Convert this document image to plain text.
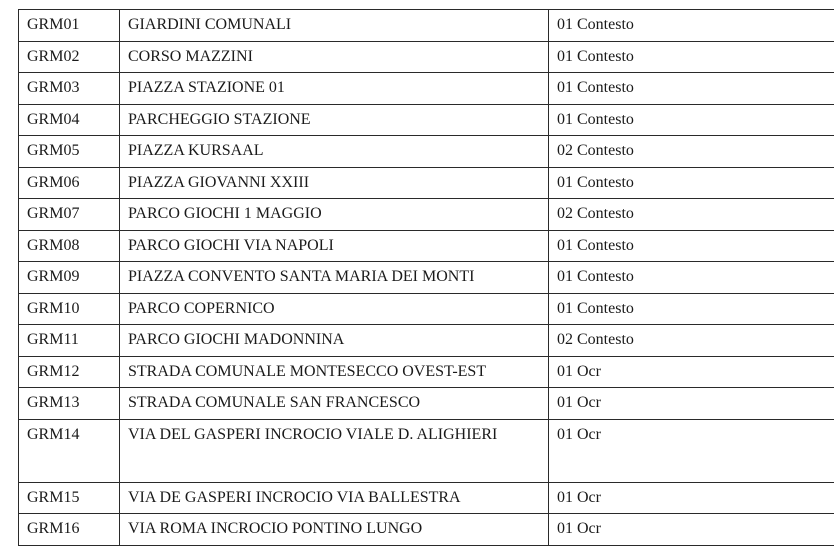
GRM01	GIARDINI COMUNALI	01 Contesto
GRM02	CORSO MAZZINI	01 Contesto
GRM03	PIAZZA STAZIONE 01	01 Contesto
GRM04	PARCHEGGIO STAZIONE	01 Contesto
GRM05	PIAZZA KURSAAL	02 Contesto
GRM06	PIAZZA GIOVANNI XXIII	01 Contesto
GRM07	PARCO GIOCHI 1 MAGGIO	02 Contesto
GRM08	PARCO GIOCHI VIA NAPOLI	01 Contesto
GRM09	PIAZZA CONVENTO SANTA MARIA DEI MONTI	01 Contesto
GRM10	PARCO COPERNICO	01 Contesto
GRM11	PARCO GIOCHI MADONNINA	02 Contesto
GRM12	STRADA COMUNALE MONTESECCO OVEST-EST	01 Ocr
GRM13	STRADA COMUNALE SAN FRANCESCO	01 Ocr
GRM14	VIA DEL GASPERI INCROCIO VIALE D. ALIGHIERI	01 Ocr
GRM15	VIA DE GASPERI INCROCIO VIA BALLESTRA	01 Ocr
GRM16	VIA ROMA INCROCIO PONTINO LUNGO	01 Ocr
